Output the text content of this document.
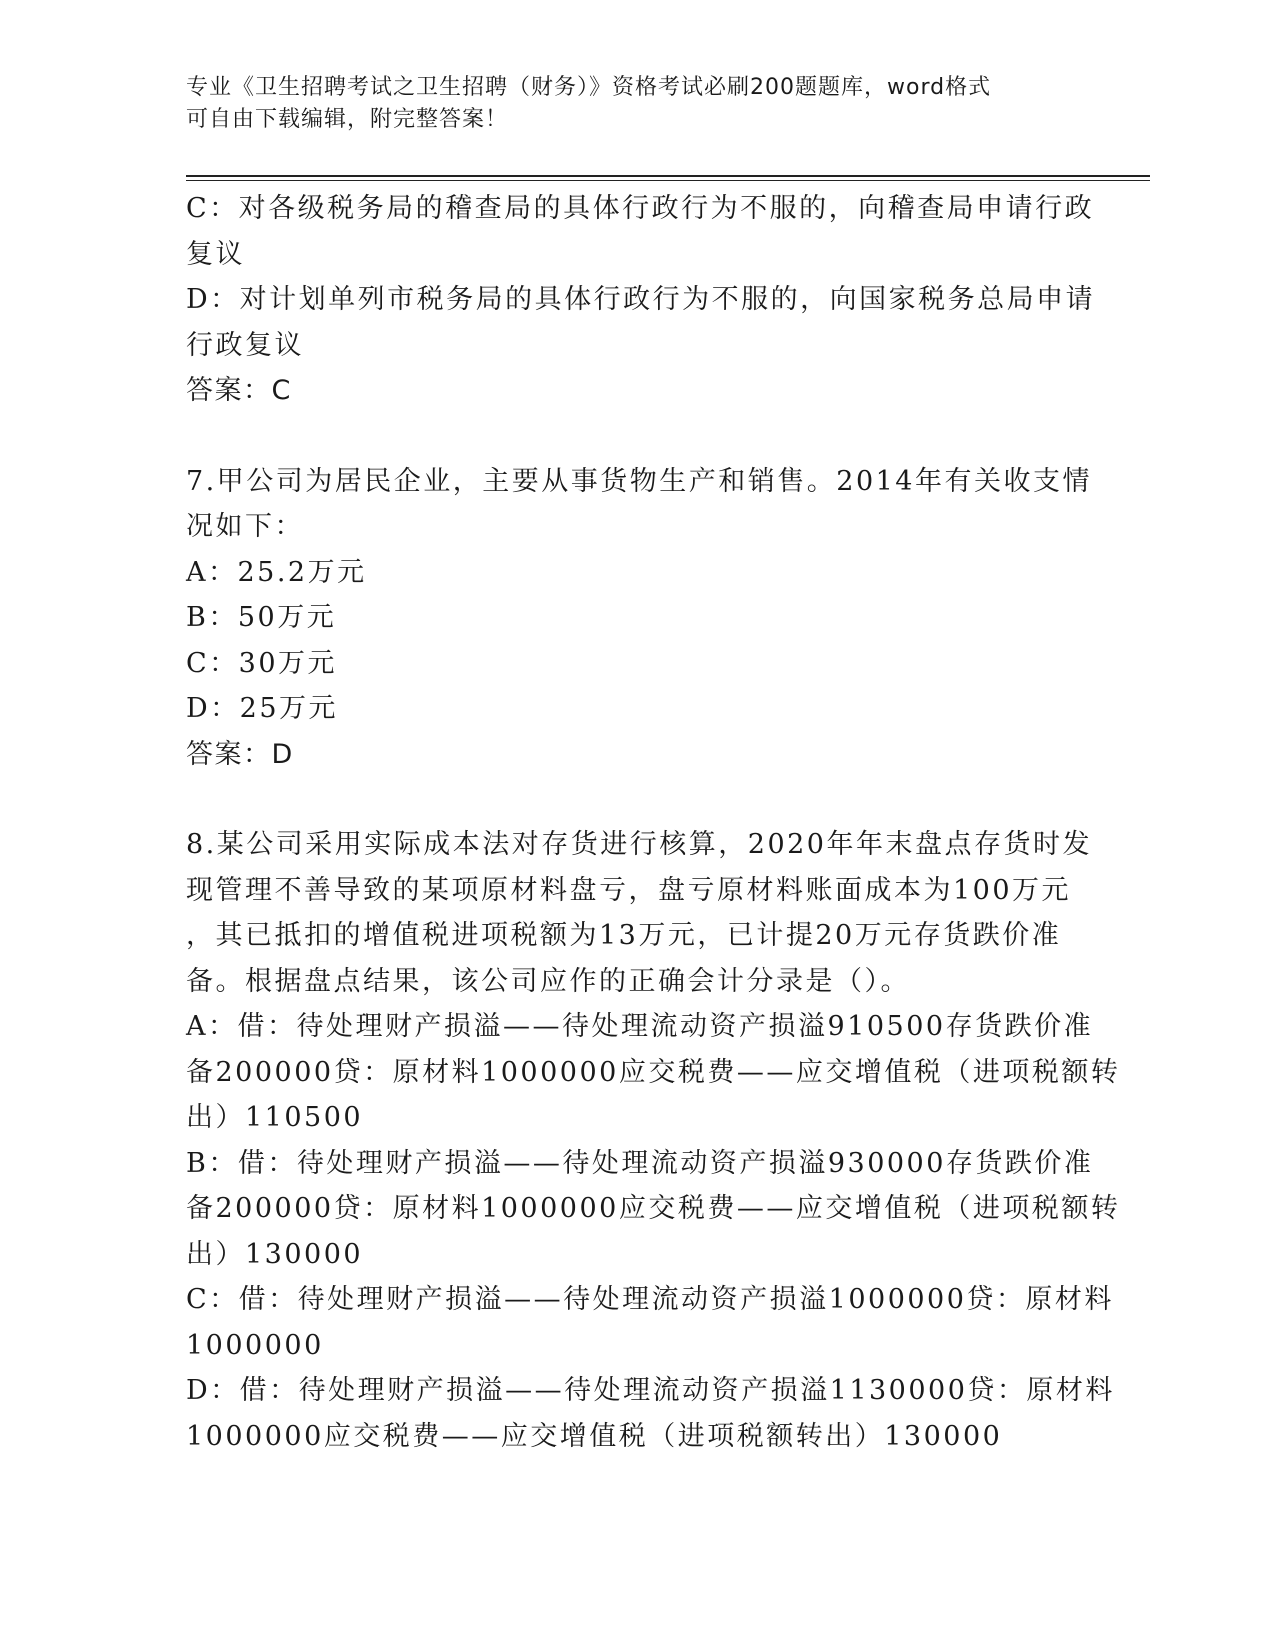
专业《卫生招聘考试之卫生招聘（财务）》资格考试必刷200题题库，word格式
可自由下载编辑，附完整答案！
C：对各级税务局的稽查局的具体行政行为不服的，向稽查局申请行政
复议
D：对计划单列市税务局的具体行政行为不服的，向国家税务总局申请
行政复议
答案：C
7.甲公司为居民企业，主要从事货物生产和销售。2014年有关收支情
况如下：
A：25.2万元
B：50万元
C：30万元
D：25万元
答案：D
8.某公司采用实际成本法对存货进行核算，2020年年末盘点存货时发
现管理不善导致的某项原材料盘亏，盘亏原材料账面成本为100万元
，其已抵扣的增值税进项税额为13万元，已计提20万元存货跌价准
备。根据盘点结果，该公司应作的正确会计分录是（）。
A：借：待处理财产损溢——待处理流动资产损溢910500存货跌价准
备200000贷：原材料1000000应交税费——应交增值税（进项税额转
出）110500
B：借：待处理财产损溢——待处理流动资产损溢930000存货跌价准
备200000贷：原材料1000000应交税费——应交增值税（进项税额转
出）130000
C：借：待处理财产损溢——待处理流动资产损溢1000000贷：原材料
1000000
D：借：待处理财产损溢——待处理流动资产损溢1130000贷：原材料
1000000应交税费——应交增值税（进项税额转出）130000
